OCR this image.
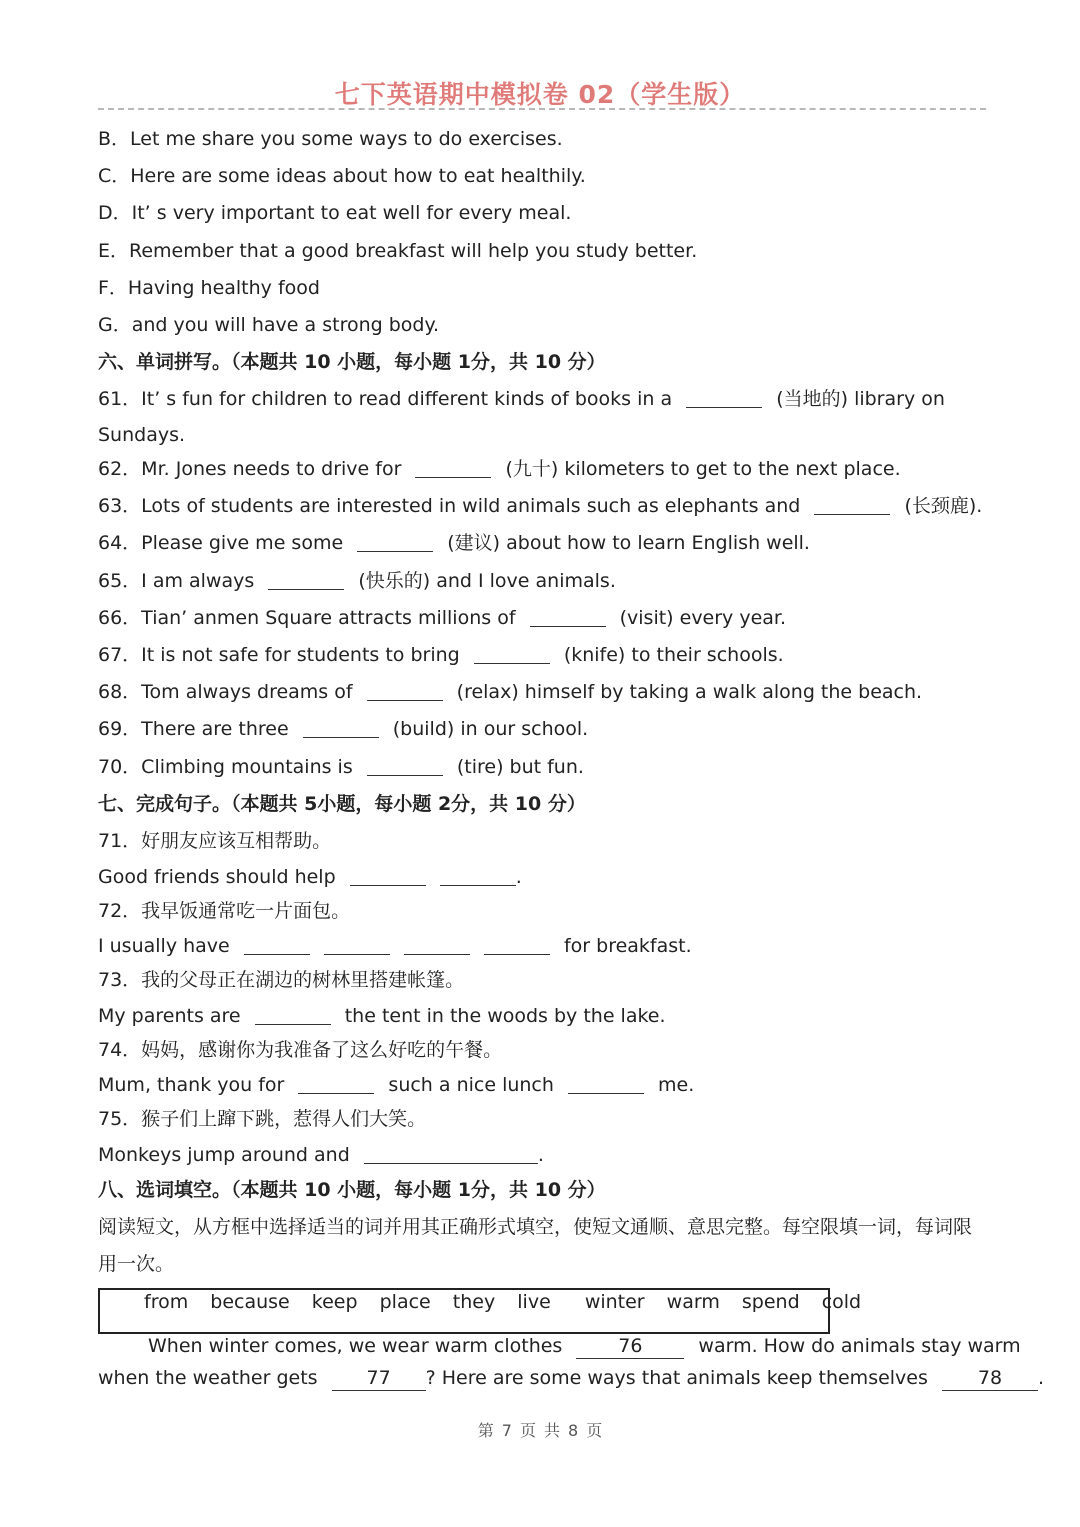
七下英语期中模拟卷 02（学生版）
B．Let me share you some ways to do exercises.
C．Here are some ideas about how to eat healthily.
D．It’ s very important to eat well for every meal.
E．Remember that a good breakfast will help you study better.
F．Having healthy food
G．and you will have a strong body.
六、单词拼写。（本题共 10 小题，每小题 1分，共 10 分）
61．It’ s fun for children to read different kinds of books in a	(当地的) library on
Sundays.
62．Mr. Jones needs to drive for	(九十) kilometers to get to the next place.
63．Lots of students are interested in wild animals such as elephants and	(长颈鹿).
64．Please give me some	(建议) about how to learn English well.
65．I am always	(快乐的) and I love animals.
66．Tian’ anmen Square attracts millions of	(visit) every year.
67．It is not safe for students to bring	(knife) to their schools.
68．Tom always dreams of	(relax) himself by taking a walk along the beach.
69．There are three	(build) in our school.
70．Climbing mountains is	(tire) but fun.
七、完成句子。（本题共 5小题，每小题 2分，共 10 分）
71．好朋友应该互相帮助。
Good friends should help	.
72．我早饭通常吃一片面包。
I usually have	for breakfast.
73．我的父母正在湖边的树林里搭建帐篷。
My parents are	the tent in the woods by the lake.
74．妈妈，感谢你为我准备了这么好吃的午餐。
Mum, thank you for	such a nice lunch	me.
75．猴子们上蹿下跳，惹得人们大笑。
Monkeys jump around and	.
八、选词填空。（本题共 10 小题，每小题 1分，共 10 分）
阅读短文，从方框中选择适当的词并用其正确形式填空，使短文通顺、意思完整。每空限填一词，每词限
用一次。
When winter comes, we wear warm clothes	76	warm. How do animals stay warm
when the weather gets	77 ? Here are some ways that animals keep themselves	78 .
from because keep place they live winter warm spend cold
第 7 页 共 8 页
